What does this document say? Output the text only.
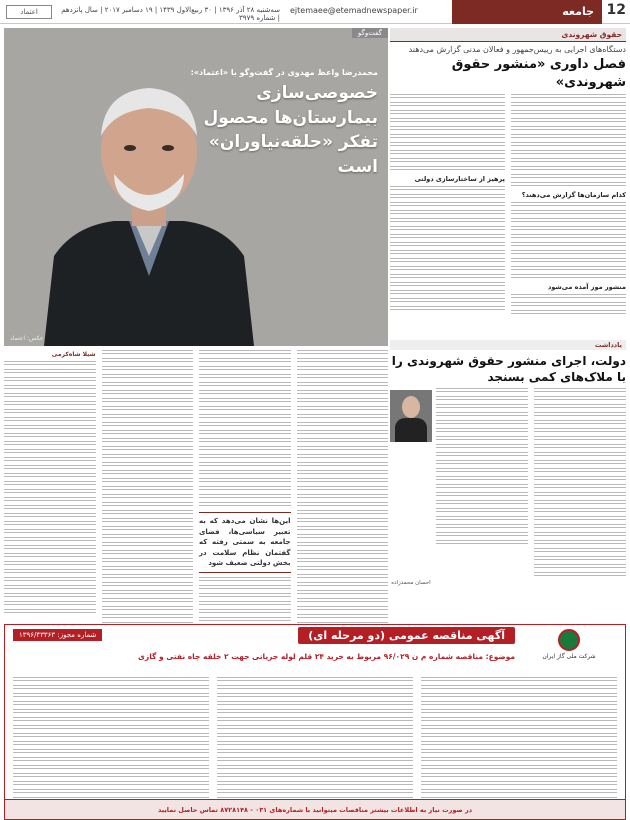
12
جامعه
ejtemaee@etemadnewspaper.ir
سه‌شنبه ۲۸ آذر ۱۳۹۶ | ۳۰ ربیع‌الاول ۱۴۳۹ | ۱۹ دسامبر ۲۰۱۷ | سال پانزدهم | شماره ۳۹۷۹
اعتماد
حقوق شهروندی
دستگاه‌های اجرایی به رییس‌جمهور و فعالان مدنی گزارش می‌دهند
فصل داوری «منشور حقوق شهروندی»
کدام سازمان‌ها گزارش می‌دهند؟
منشور موز آمده می‌شود
پرهیز از ساختارسازی دولتی
گفت‌وگو
محمدرضا واعظ مهدوی در گفت‌وگو با «اعتماد»:
خصوصی‌سازی بیمارستان‌ها محصول تفکر «حلقه‌نیاوران» است
عکس: اعتماد
این‌ها نشان می‌دهد که به تعبیر سیاسی‌ها، فضای جامعه به سمتی رفته که گفتمان نظام سلامت در بخش دولتی ضعیف شود
شیلا شاه‌کرمی
یادداشت
دولت، اجرای منشور حقوق شهروندی را با ملاک‌های کمی بسنجد
احسان محمدزاده
آگهی مناقصه عمومی (دو مرحله ای)
شماره مجوز: ۱۳۹۶/۴۳۳۶۳
شرکت ملی گاز ایران
موضوع: مناقصه شماره م ن ۹۶/۰۲۹ مربوط به خرید ۲۴ قلم لوله جریانی جهت ۲ خلقه چاه نفتی و گازی
در صورت نیاز به اطلاعات بیشتر مناقصات میتوانید با شماره‌های ۰۳۱ - ۸۷۲۸۱۴۸ تماس حاصل نمایید
